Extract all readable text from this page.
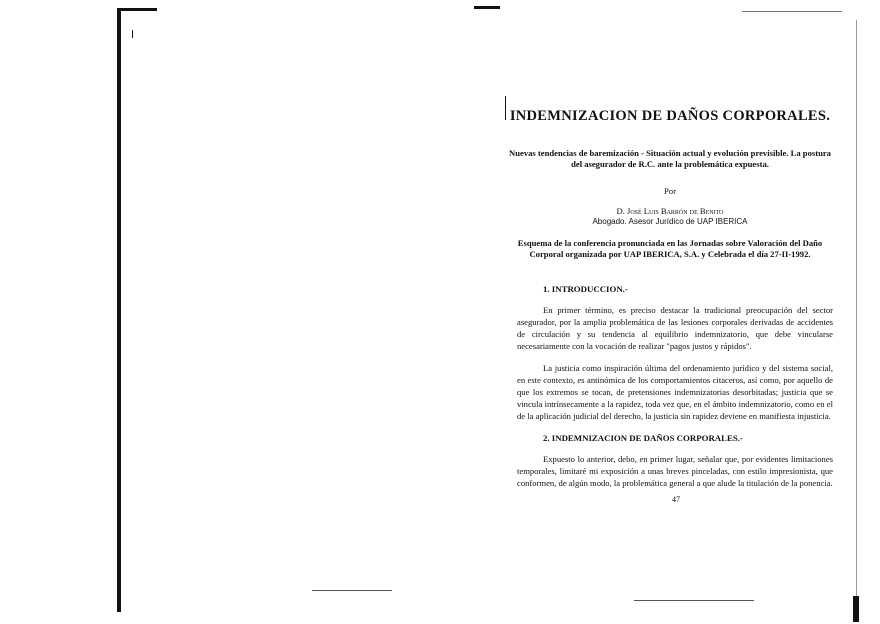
INDEMNIZACION DE DAÑOS CORPORALES.
Nuevas tendencias de baremización - Situación actual y evolución previsible. La postura del asegurador de R.C. ante la problemática expuesta.
Por
D. José Luis Barrón de Benito
Abogado. Asesor Jurídico de UAP IBERICA
Esquema de la conferencia pronunciada en las Jornadas sobre Valoración del Daño Corporal organizada por UAP IBERICA, S.A. y Celebrada el día 27-II-1992.
1. INTRODUCCION.-

En primer término, es preciso destacar la tradicional preocupación del sector asegurador, por la amplia problemática de las lesiones corporales derivadas de accidentes de circulación y su tendencia al equilibrio indemnizatorio, que debe vincularse necesariamente con la vocación de realizar "pagos justos y rápidos".

La justicia como inspiración última del ordenamiento jurídico y del sistema social, en este contexto, es antinómica de los comportamientos citaceros, así como, por aquello de que los extremos se tocan, de pretensiones indemnizatorias desorbitadas; justicia que se vincula intrínsecamente a la rapidez, toda vez que, en el ámbito indemnizatorio, como en el de la aplicación judicial del derecho, la justicia sin rapidez deviene en manifiesta injusticia.

2. INDEMNIZACION DE DAÑOS CORPORALES.-

Expuesto lo anterior, debo, en primer lugar, señalar que, por evidentes limitaciones temporales, limitaré mi exposición a unas breves pinceladas, con estilo impresionista, que conformen, de algún modo, la problemática general a que alude la titulación de la ponencia.

47
